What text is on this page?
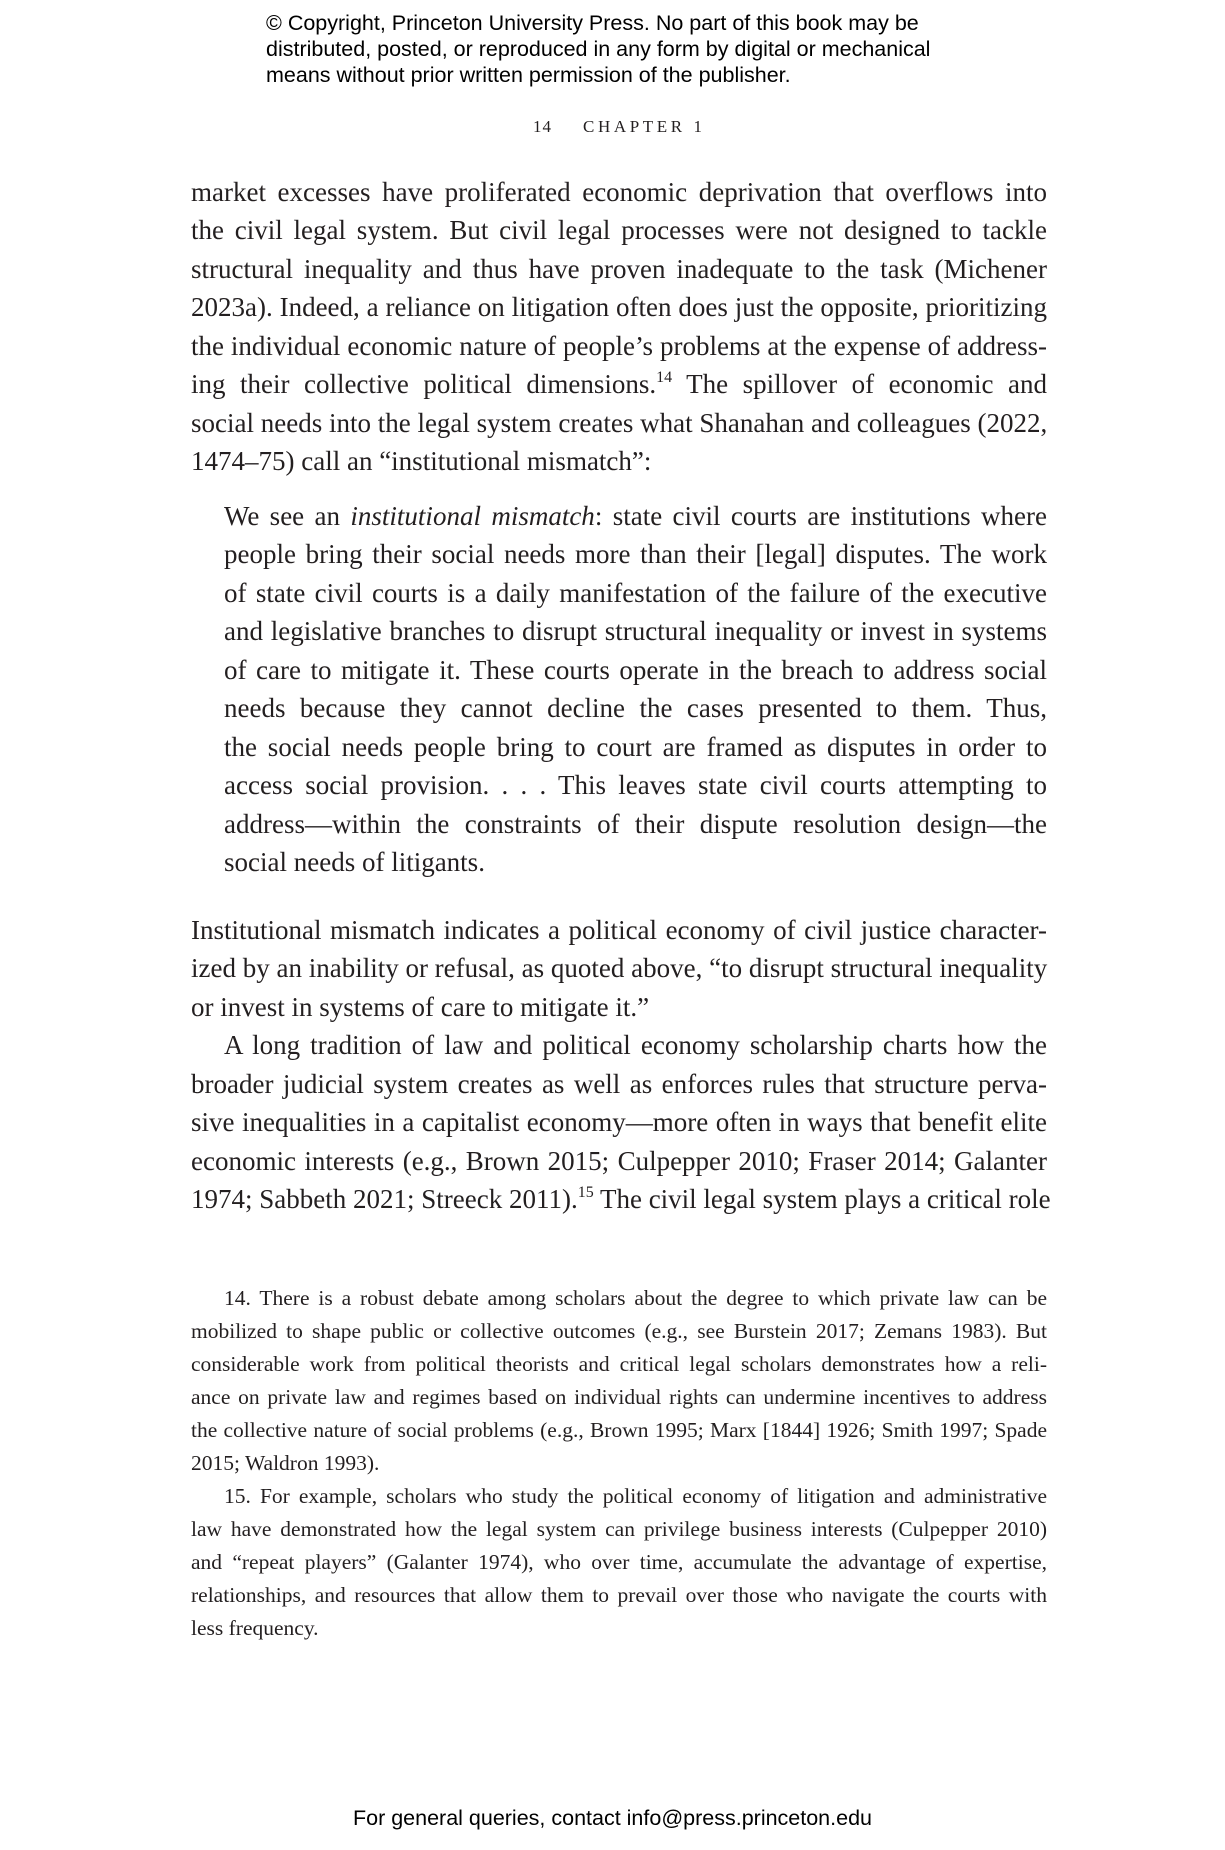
© Copyright, Princeton University Press. No part of this book may be
distributed, posted, or reproduced in any form by digital or mechanical
means without prior written permission of the publisher.
14 CHAPTER 1
market excesses have proliferated economic deprivation that overflows into
the civil legal system. But civil legal processes were not designed to tackle
structural inequality and thus have proven inadequate to the task (Michener
2023a). Indeed, a reliance on litigation often does just the opposite, prioritizing
the individual economic nature of people’s problems at the expense of address-
ing their collective political dimensions.$^{14}$ The spillover of economic and
social needs into the legal system creates what Shanahan and colleagues (2022,
1474–75) call an “institutional mismatch”:
We see an institutional mismatch: state civil courts are institutions where
people bring their social needs more than their [legal] disputes. The work
of state civil courts is a daily manifestation of the failure of the executive
and legislative branches to disrupt structural inequality or invest in systems
of care to mitigate it. These courts operate in the breach to address social
needs because they cannot decline the cases presented to them. Thus,
the social needs people bring to court are framed as disputes in order to
access social provision. . . . This leaves state civil courts attempting to
address—within the constraints of their dispute resolution design—the
social needs of litigants.
Institutional mismatch indicates a political economy of civil justice character-
ized by an inability or refusal, as quoted above, “to disrupt structural inequality
or invest in systems of care to mitigate it.”
A long tradition of law and political economy scholarship charts how the
broader judicial system creates as well as enforces rules that structure perva-
sive inequalities in a capitalist economy—more often in ways that benefit elite
economic interests (e.g., Brown 2015; Culpepper 2010; Fraser 2014; Galanter
1974; Sabbeth 2021; Streeck 2011).$^{15}$ The civil legal system plays a critical role
14. There is a robust debate among scholars about the degree to which private law can be
mobilized to shape public or collective outcomes (e.g., see Burstein 2017; Zemans 1983). But
considerable work from political theorists and critical legal scholars demonstrates how a reli-
ance on private law and regimes based on individual rights can undermine incentives to address
the collective nature of social problems (e.g., Brown 1995; Marx [1844] 1926; Smith 1997; Spade
2015; Waldron 1993).
15. For example, scholars who study the political economy of litigation and administrative
law have demonstrated how the legal system can privilege business interests (Culpepper 2010)
and “repeat players” (Galanter 1974), who over time, accumulate the advantage of expertise,
relationships, and resources that allow them to prevail over those who navigate the courts with
less frequency.
For general queries, contact info@press.princeton.edu
